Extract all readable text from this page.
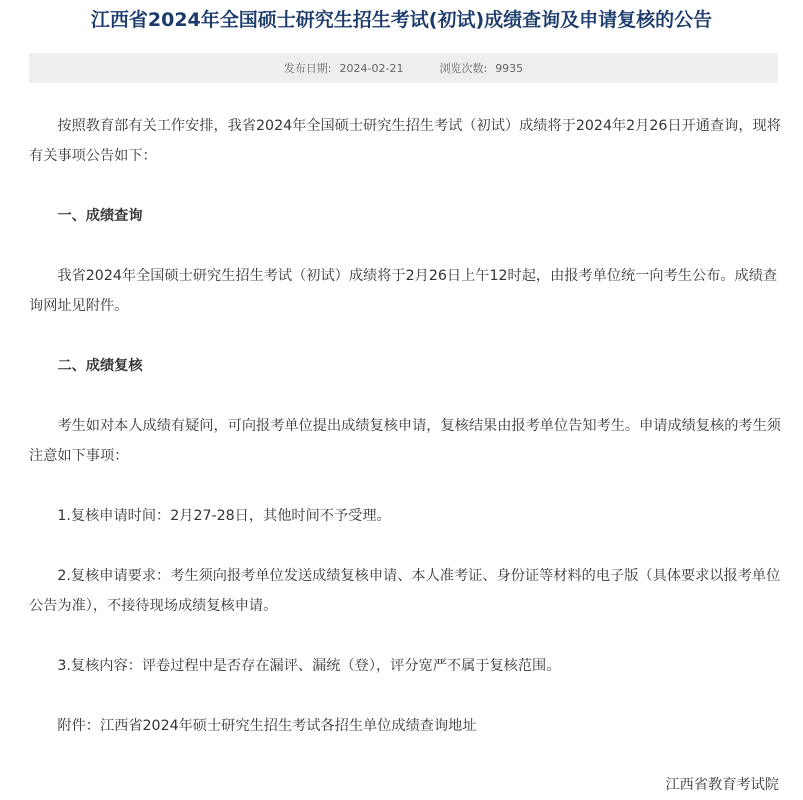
江西省2024年全国硕士研究生招生考试(初试)成绩查询及申请复核的公告
发布日期: 2024-02-21	浏览次数: 9935

按照教育部有关工作安排，我省2024年全国硕士研究生招生考试（初试）成绩将于2024年2月26日开通查询，现将有关事项公告如下：

一、成绩查询

我省2024年全国硕士研究生招生考试（初试）成绩将于2月26日上午12时起，由报考单位统一向考生公布。成绩查询网址见附件。

二、成绩复核

考生如对本人成绩有疑问，可向报考单位提出成绩复核申请，复核结果由报考单位告知考生。申请成绩复核的考生须注意如下事项：

1.复核申请时间：2月27-28日，其他时间不予受理。

2.复核申请要求：考生须向报考单位发送成绩复核申请、本人准考证、身份证等材料的电子版（具体要求以报考单位公告为准），不接待现场成绩复核申请。

3.复核内容：评卷过程中是否存在漏评、漏统（登），评分宽严不属于复核范围。

附件：江西省2024年硕士研究生招生考试各招生单位成绩查询地址

江西省教育考试院
